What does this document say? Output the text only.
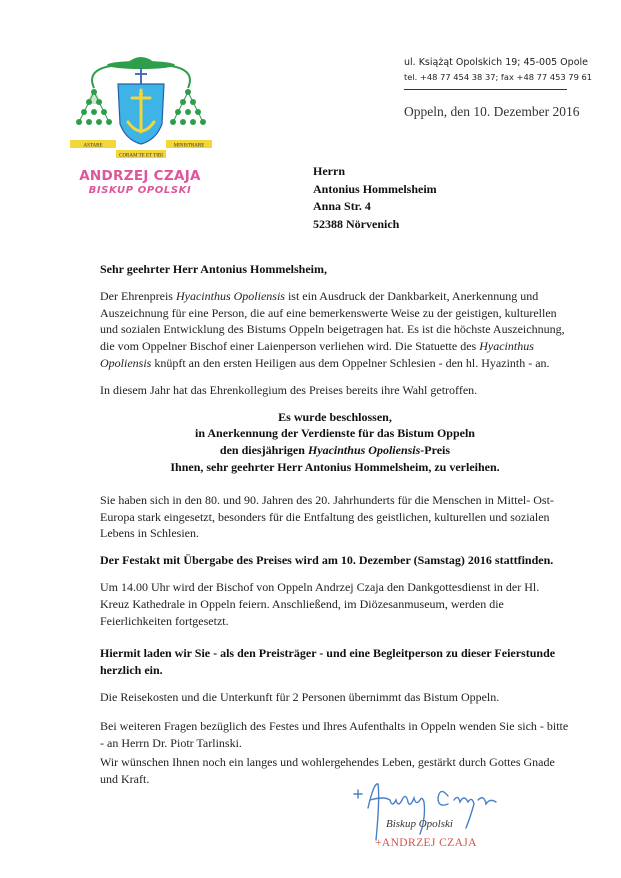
ASTARE	MINISTRARE
CORAM TE ET TIBI
ANDRZEJ CZAJA
BISKUP OPOLSKI
ul. Książąt Opolskich 19; 45-005 Opole
tel. +48 77 454 38 37; fax +48 77 453 79 61
Oppeln, den 10. Dezember 2016
Herrn
Antonius Hommelsheim
Anna Str. 4
52388 Nörvenich

Sehr geehrter Herr Antonius Hommelsheim,

Der Ehrenpreis Hyacinthus Opoliensis ist ein Ausdruck der Dankbarkeit, Anerkennung und Auszeichnung für eine Person, die auf eine bemerkenswerte Weise zu der geistigen, kulturellen und sozialen Entwicklung des Bistums Oppeln beigetragen hat. Es ist die höchste Auszeichnung, die vom Oppelner Bischof einer Laienperson verliehen wird. Die Statuette des Hyacinthus Opoliensis knüpft an den ersten Heiligen aus dem Oppelner Schlesien - den hl. Hyazinth - an.

In diesem Jahr hat das Ehrenkollegium des Preises bereits ihre Wahl getroffen.

Es wurde beschlossen,
in Anerkennung der Verdienste für das Bistum Oppeln
den diesjährigen Hyacinthus Opoliensis-Preis
Ihnen, sehr geehrter Herr Antonius Hommelsheim, zu verleihen.

Sie haben sich in den 80. und 90. Jahren des 20. Jahrhunderts für die Menschen in Mittel- Ost-Europa stark eingesetzt, besonders für die Entfaltung des geistlichen, kulturellen und sozialen Lebens in Schlesien.

Der Festakt mit Übergabe des Preises wird am 10. Dezember (Samstag) 2016 stattfinden.

Um 14.00 Uhr wird der Bischof von Oppeln Andrzej Czaja den Dankgottesdienst in der Hl. Kreuz Kathedrale in Oppeln feiern. Anschließend, im Diözesanmuseum, werden die Feierlichkeiten fortgesetzt.

Hiermit laden wir Sie - als den Preisträger - und eine Begleitperson zu dieser Feierstunde herzlich ein.

Die Reisekosten und die Unterkunft für 2 Personen übernimmt das Bistum Oppeln.

Bei weiteren Fragen bezüglich des Festes und Ihres Aufenthalts in Oppeln wenden Sie sich - bitte - an Herrn Dr. Piotr Tarlinski.

Wir wünschen Ihnen noch ein langes und wohlergehendes Leben, gestärkt durch Gottes Gnade und Kraft.

Biskup Opolski
+ANDRZEJ CZAJA
